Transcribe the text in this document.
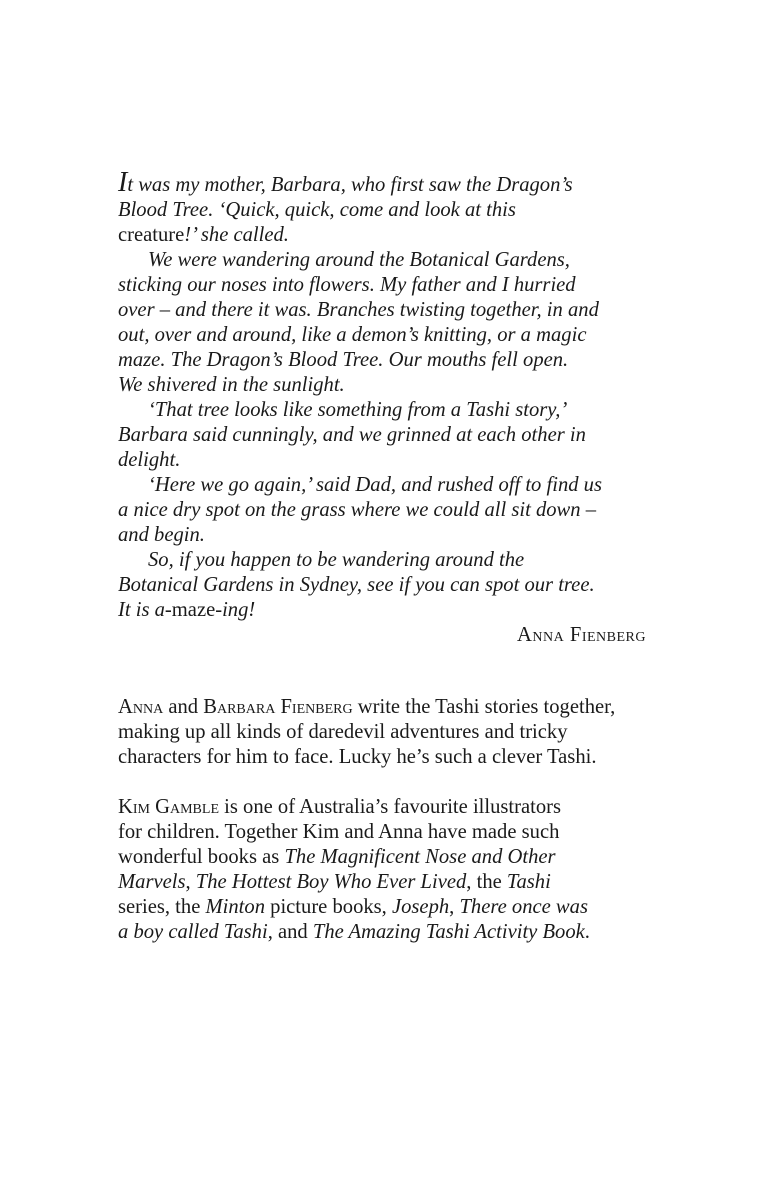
It was my mother, Barbara, who first saw the Dragon’s
Blood Tree. ‘Quick, quick, come and look at this
creature!’ she called.
We were wandering around the Botanical Gardens,
sticking our noses into flowers. My father and I hurried
over – and there it was. Branches twisting together, in and
out, over and around, like a demon’s knitting, or a magic
maze. The Dragon’s Blood Tree. Our mouths fell open.
We shivered in the sunlight.
‘That tree looks like something from a Tashi story,’
Barbara said cunningly, and we grinned at each other in
delight.
‘Here we go again,’ said Dad, and rushed off to find us
a nice dry spot on the grass where we could all sit down –
and begin.
So, if you happen to be wandering around the
Botanical Gardens in Sydney, see if you can spot our tree.
It is a-maze-ing!
Anna Fienberg
Anna and Barbara Fienberg write the Tashi stories together,
making up all kinds of daredevil adventures and tricky
characters for him to face. Lucky he’s such a clever Tashi.
Kim Gamble is one of Australia’s favourite illustrators
for children. Together Kim and Anna have made such
wonderful books as The Magnificent Nose and Other
Marvels, The Hottest Boy Who Ever Lived, the Tashi
series, the Minton picture books, Joseph, There once was
a boy called Tashi, and The Amazing Tashi Activity Book.
